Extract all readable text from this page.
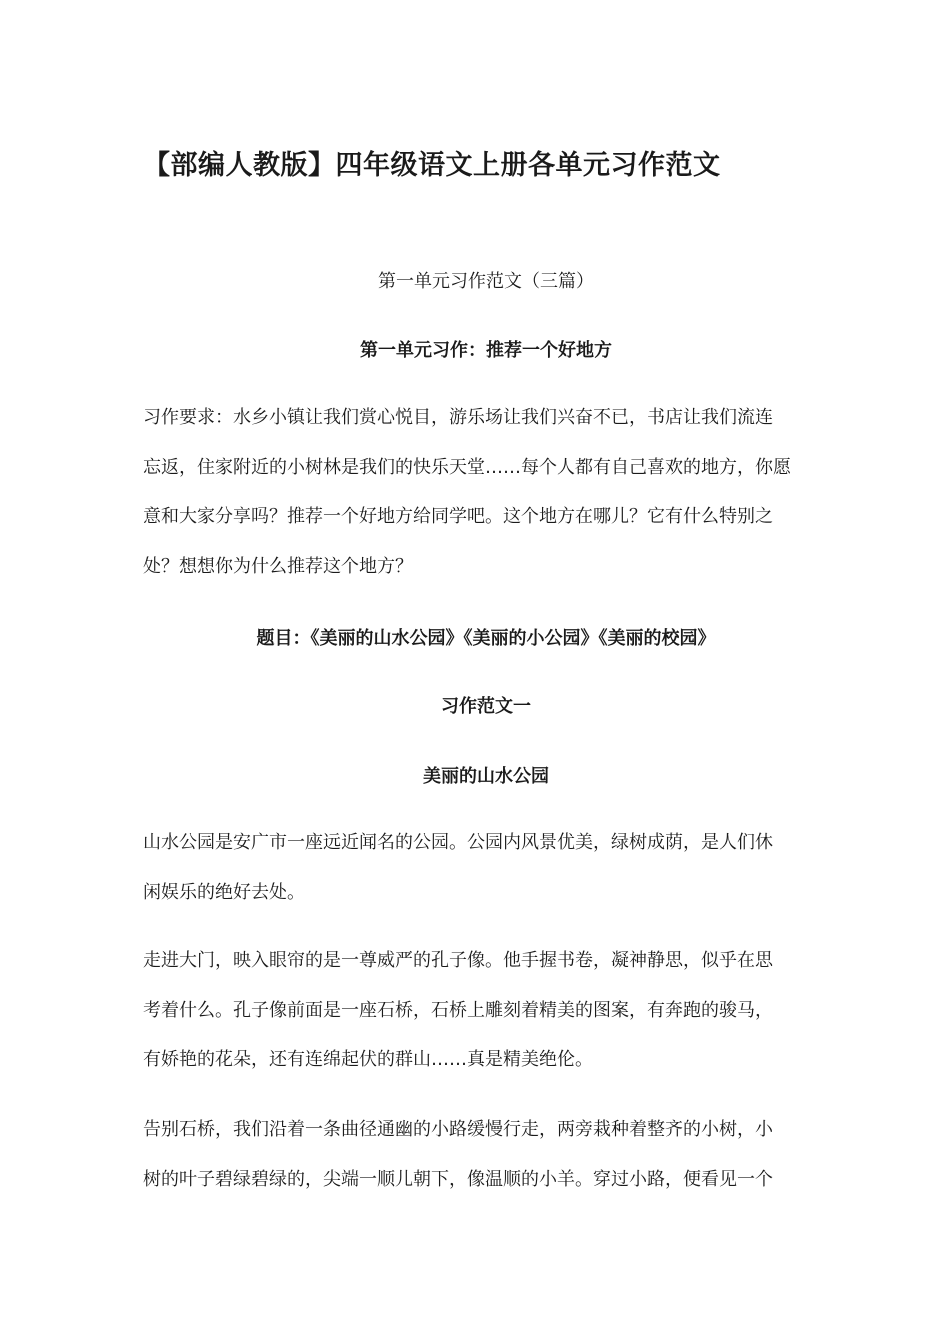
【部编人教版】四年级语文上册各单元习作范文
第一单元习作范文（三篇）
第一单元习作：推荐一个好地方
习作要求：水乡小镇让我们赏心悦目，游乐场让我们兴奋不已，书店让我们流连
忘返，住家附近的小树林是我们的快乐天堂……每个人都有自己喜欢的地方，你愿
意和大家分享吗？推荐一个好地方给同学吧。这个地方在哪儿？它有什么特别之
处？想想你为什么推荐这个地方？
题目：《美丽的山水公园》《美丽的小公园》《美丽的校园》
习作范文一
美丽的山水公园
山水公园是安广市一座远近闻名的公园。公园内风景优美，绿树成荫，是人们休
闲娱乐的绝好去处。
走进大门，映入眼帘的是一尊威严的孔子像。他手握书卷，凝神静思，似乎在思
考着什么。孔子像前面是一座石桥，石桥上雕刻着精美的图案，有奔跑的骏马，
有娇艳的花朵，还有连绵起伏的群山……真是精美绝伦。
告别石桥，我们沿着一条曲径通幽的小路缓慢行走，两旁栽种着整齐的小树，小
树的叶子碧绿碧绿的，尖端一顺儿朝下，像温顺的小羊。穿过小路，便看见一个
